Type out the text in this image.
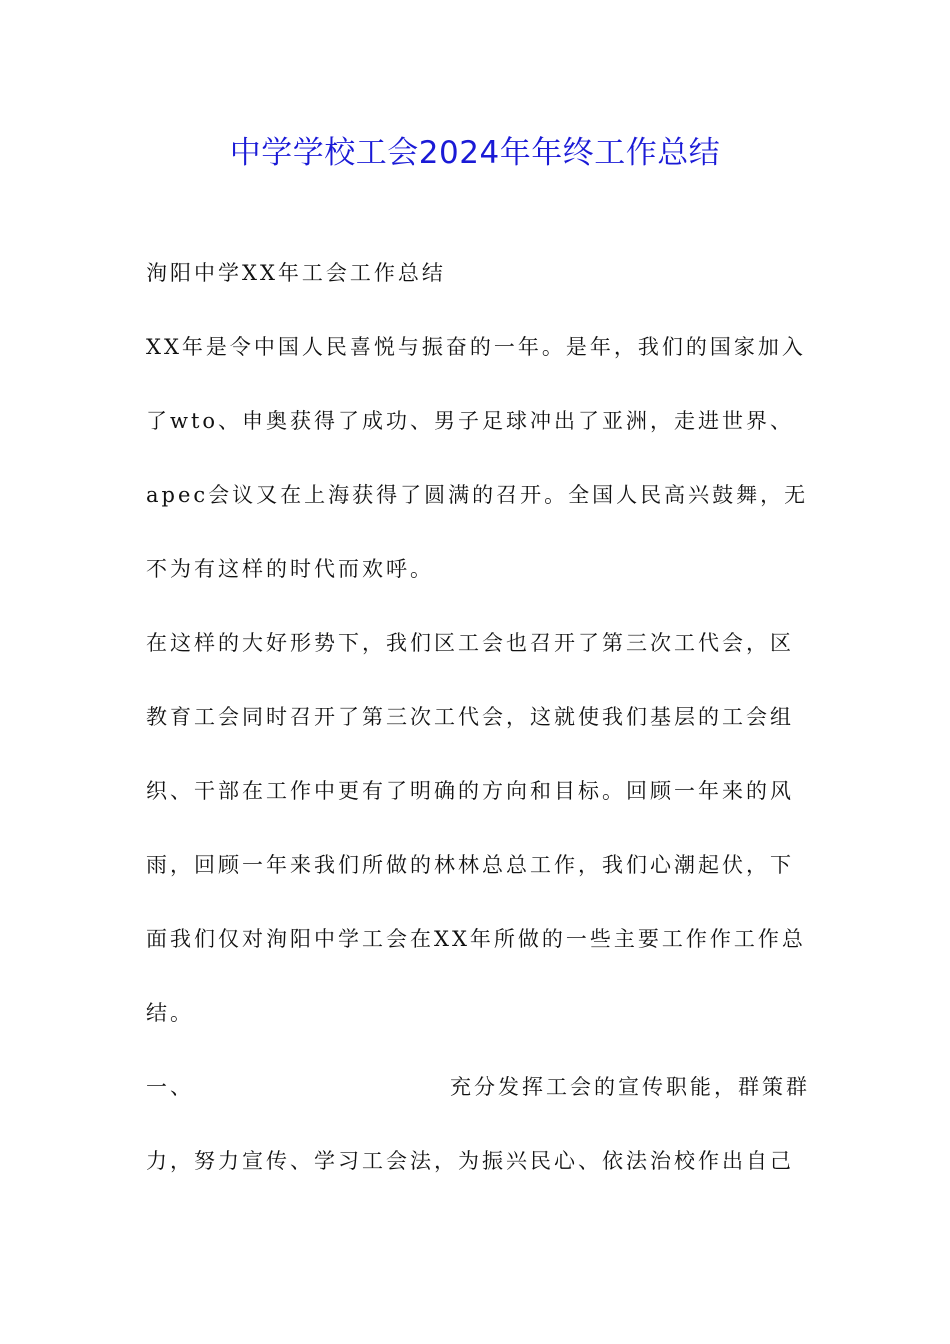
中学学校工会2024年年终工作总结
洵阳中学XX年工会工作总结
XX年是令中国人民喜悦与振奋的一年。是年，我们的国家加入
了wto、申奥获得了成功、男子足球冲出了亚洲，走进世界、
apec会议又在上海获得了圆满的召开。全国人民高兴鼓舞，无
不为有这样的时代而欢呼。
在这样的大好形势下，我们区工会也召开了第三次工代会，区
教育工会同时召开了第三次工代会，这就使我们基层的工会组
织、干部在工作中更有了明确的方向和目标。回顾一年来的风
雨，回顾一年来我们所做的林林总总工作，我们心潮起伏，下
面我们仅对洵阳中学工会在XX年所做的一些主要工作作工作总
结。
一、	充分发挥工会的宣传职能，群策群
力，努力宣传、学习工会法，为振兴民心、依法治校作出自己
